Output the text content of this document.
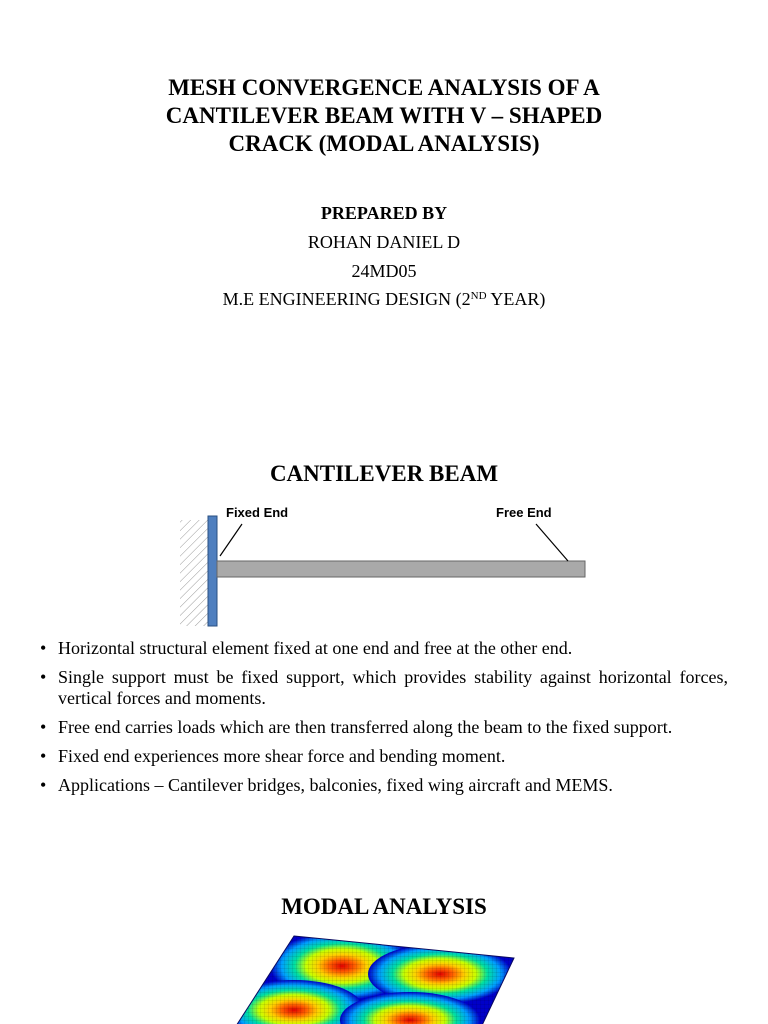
MESH CONVERGENCE ANALYSIS OF A
CANTILEVER BEAM WITH V – SHAPED
CRACK (MODAL ANALYSIS)
PREPARED BY
ROHAN DANIEL D
24MD05
M.E ENGINEERING DESIGN (2ND YEAR)
CANTILEVER BEAM
Fixed End	Free End
• Horizontal structural element fixed at one end and free at the other end.
• Single support must be fixed support, which provides stability against horizontal forces, vertical forces and moments.
• Free end carries loads which are then transferred along the beam to the fixed support.
• Fixed end experiences more shear force and bending moment.
• Applications – Cantilever bridges, balconies, fixed wing aircraft and MEMS.
MODAL ANALYSIS
